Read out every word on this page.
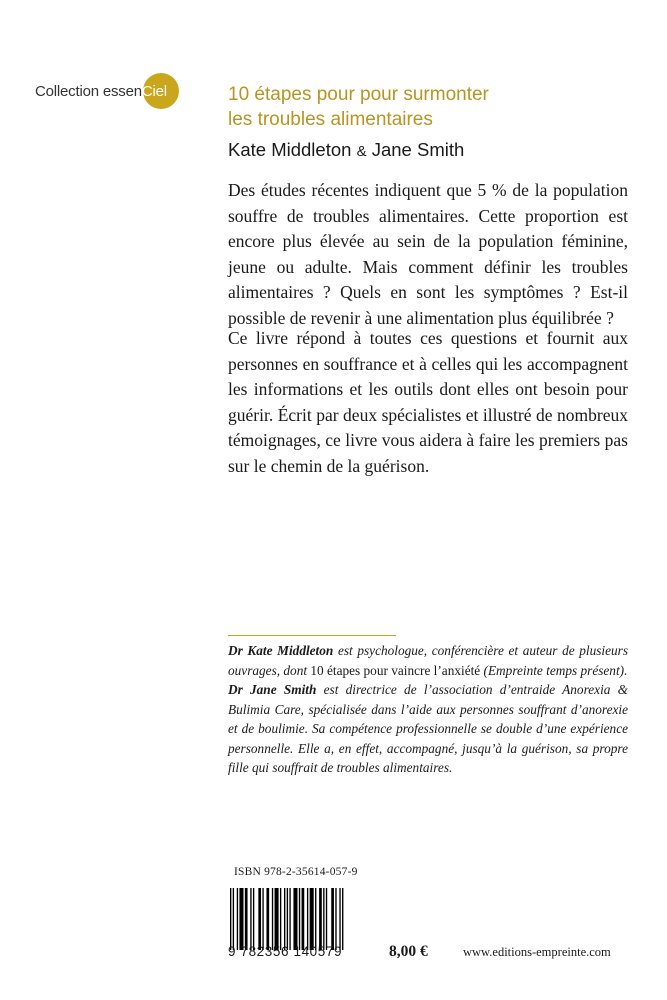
Collection essenCiel	10 étapes pour pour surmonter
les troubles alimentaires
Kate Middleton & Jane Smith

Des études récentes indiquent que 5 % de la population souffre de troubles alimentaires. Cette proportion est encore plus élevée au sein de la population féminine, jeune ou adulte. Mais comment définir les troubles alimentaires ? Quels en sont les symptômes ? Est-il possible de revenir à une alimentation plus équilibrée ?

Ce livre répond à toutes ces questions et fournit aux personnes en souffrance et à celles qui les accompagnent les informations et les outils dont elles ont besoin pour guérir. Écrit par deux spécialistes et illustré de nombreux témoignages, ce livre vous aidera à faire les premiers pas sur le chemin de la guérison.

Dr Kate Middleton est psychologue, conférencière et auteur de plusieurs ouvrages, dont 10 étapes pour vaincre l’anxiété (Empreinte temps présent).
Dr Jane Smith est directrice de l’association d’entraide Anorexia & Bulimia Care, spécialisée dans l’aide aux personnes souffrant d’anorexie et de boulimie. Sa compétence professionnelle se double d’une expérience personnelle. Elle a, en effet, accompagné, jusqu’à la guérison, sa propre fille qui souffrait de troubles alimentaires.

ISBN 978-2-35614-057-9
9 782356 140579	8,00 €	www.editions-empreinte.com
